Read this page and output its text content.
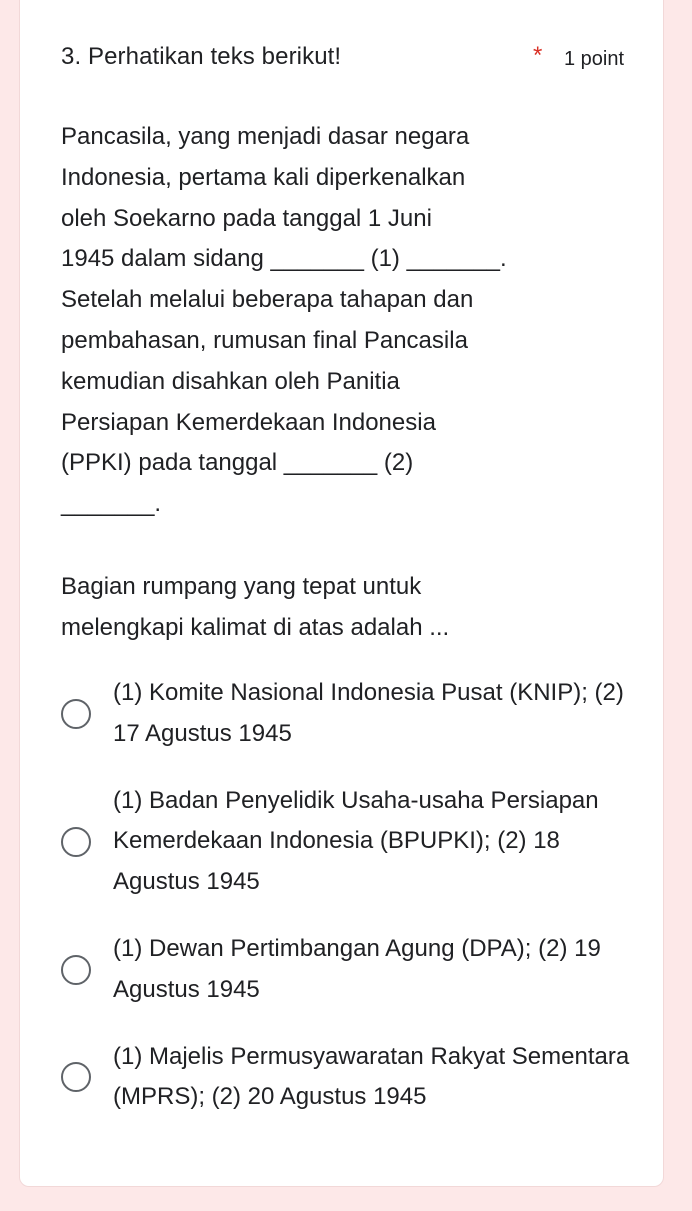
3. Perhatikan teks berikut!	* 1 point
Pancasila, yang menjadi dasar negara
Indonesia, pertama kali diperkenalkan
oleh Soekarno pada tanggal 1 Juni
1945 dalam sidang _______ (1) _______.
Setelah melalui beberapa tahapan dan
pembahasan, rumusan final Pancasila
kemudian disahkan oleh Panitia
Persiapan Kemerdekaan Indonesia
(PPKI) pada tanggal _______ (2)
_______.
Bagian rumpang yang tepat untuk melengkapi kalimat di atas adalah ...
(1) Komite Nasional Indonesia Pusat (KNIP); (2) 17 Agustus 1945
(1) Badan Penyelidik Usaha-usaha Persiapan Kemerdekaan Indonesia (BPUPKI); (2) 18 Agustus 1945
(1) Dewan Pertimbangan Agung (DPA); (2) 19 Agustus 1945
(1) Majelis Permusyawaratan Rakyat Sementara (MPRS); (2) 20 Agustus 1945
